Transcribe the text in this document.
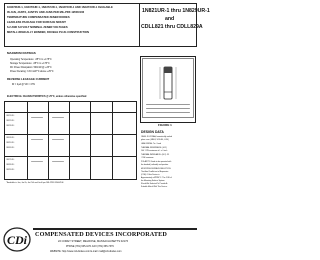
1N4370UR-1, 1N4370UR-1, 1N4372UR-1, 1N4372UR-1 AND 1N4373UR-1 AVAILABLE
IN JAN, JANTX, JANTXV AND JANS PER MIL-PRF-19500/106
TEMPERATURE COMPENSATED ZENER DIODES
LEADLESS PACKAGE FOR SURFACE MOUNT
6.2 AND 6.8 VOLT NOMINAL ZENER VOLTAGES
METALLURGICALLY BONDED, DOUBLE PLUG CONSTRUCTION
1N821UR-1 thru 1N829UR-1
and
CDLL821 thru CDLL829A
MAXIMUM RATINGS
Operating Temperature: -65°C to +175°C
Storage Temperature: -65°C to +175°C
DC Power Dissipation: 500mW @ +25°C
Power Derating: 3.33 mW/°C above +25°C
REVERSE LEAKAGE CURRENT
IR = 2μA @ VR = 3.5V
FIGURE 1
ELECTRICAL CHARACTERISTICS @ 25°C, unless otherwise specified
1N821UR-1
1N822UR-1
1N823UR-1
1N824UR-1
1N825UR-1
1N826UR-1
1N827UR-1
1N828UR-1
1N829UR-1
* Available in Jan, JanTx, JanTxV and JanS per MIL-PRF-19500/106
DESIGN DATA
CASE: DO-213AA, hermetically sealed
glass case. (MELF, SOD-80, LL34)
LEAD FINISH: Tin / Lead
THERMAL RESISTANCE: (θJC)
100 °C/W maximum at L = 0 inch
THERMAL IMPEDANCE: (θJC): 35
°C/W maximum
POLARITY: Diode to be operated with
the banded (cathode) end positive.
MOUNTING SURFACE SELECTION:
The Axial Coefficient of Expansion
(COE) Of this Device is
Approximately ±4PPM/°C. The COE of
the Mounting Surface System
Should Be Selected To Provide A
Suitable Match With This Device.
CDi COMPENSATED DEVICES INCORPORATED
22 COREY STREET, MELROSE, MASSACHUSETTS 02176
PHONE (781) 665-1071 FAX (781) 665-7379
WEBSITE: http://www.cdi-diodes.com E-mail: mail@cdi-diodes.com
